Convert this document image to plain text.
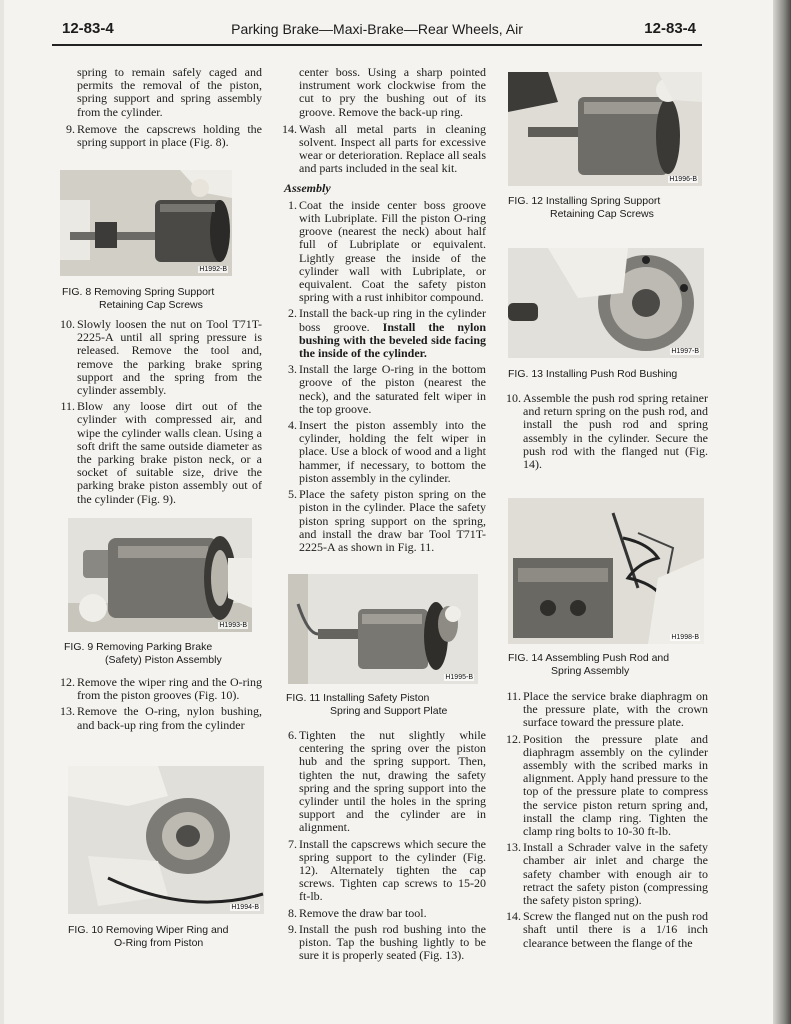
12-83-4	Parking Brake—Maxi-Brake—Rear Wheels, Air	12-83-4
spring to remain safely caged and permits the removal of the piston, spring support and spring assembly from the cylinder.
9. Remove the capscrews holding the spring support in place (Fig. 8).
H1992-B
FIG. 8 Removing Spring Support
Retaining Cap Screws
10. Slowly loosen the nut on Tool T71T-2225-A until all spring pressure is released. Remove the tool and, remove the parking brake spring support and the spring from the cylinder assembly.
11. Blow any loose dirt out of the cylinder with compressed air, and wipe the cylinder walls clean. Using a soft drift the same outside diameter as the parking brake piston neck, or a socket of suitable size, drive the parking brake piston assembly out of the cylinder (Fig. 9).
H1993-B
FIG. 9 Removing Parking Brake
(Safety) Piston Assembly
12. Remove the wiper ring and the O-ring from the piston grooves (Fig. 10).
13. Remove the O-ring, nylon bushing, and back-up ring from the cylinder
H1994-B
FIG. 10 Removing Wiper Ring and
O-Ring from Piston
center boss. Using a sharp pointed instrument work clockwise from the cut to pry the bushing out of its groove. Remove the back-up ring.
14. Wash all metal parts in cleaning solvent. Inspect all parts for excessive wear or deterioration. Replace all seals and parts included in the seal kit.
Assembly
1. Coat the inside center boss groove with Lubriplate. Fill the piston O-ring groove (nearest the neck) about half full of Lubriplate or equivalent. Lightly grease the inside of the cylinder wall with Lubriplate, or equivalent. Coat the safety piston spring with a rust inhibitor compound.
2. Install the back-up ring in the cylinder boss groove. Install the nylon bushing with the beveled side facing the inside of the cylinder.
3. Install the large O-ring in the bottom groove of the piston (nearest the neck), and the saturated felt wiper in the top groove.
4. Insert the piston assembly into the cylinder, holding the felt wiper in place. Use a block of wood and a light hammer, if necessary, to bottom the piston assembly in the cylinder.
5. Place the safety piston spring on the piston in the cylinder. Place the safety piston spring support on the spring, and install the draw bar Tool T71T-2225-A as shown in Fig. 11.
H1995-B
FIG. 11 Installing Safety Piston
Spring and Support Plate
6. Tighten the nut slightly while centering the spring over the piston hub and the spring support. Then, tighten the nut, drawing the safety spring and the spring support into the cylinder until the holes in the spring support and the cylinder are in alignment.
7. Install the capscrews which secure the spring support to the cylinder (Fig. 12). Alternately tighten the cap screws. Tighten cap screws to 15-20 ft-lb.
8. Remove the draw bar tool.
9. Install the push rod bushing into the piston. Tap the bushing lightly to be sure it is properly seated (Fig. 13).
H1996-B
FIG. 12 Installing Spring Support
Retaining Cap Screws
H1997-B
FIG. 13 Installing Push Rod Bushing
10. Assemble the push rod spring retainer and return spring on the push rod, and install the push rod and spring assembly in the cylinder. Secure the push rod with the flanged nut (Fig. 14).
H1998-B
FIG. 14 Assembling Push Rod and
Spring Assembly
11. Place the service brake diaphragm on the pressure plate, with the crown surface toward the pressure plate.
12. Position the pressure plate and diaphragm assembly on the cylinder assembly with the scribed marks in alignment. Apply hand pressure to the top of the pressure plate to compress the service piston return spring and, install the clamp ring. Tighten the clamp ring bolts to 10-30 ft-lb.
13. Install a Schrader valve in the safety chamber air inlet and charge the safety chamber with enough air to retract the safety piston (compressing the safety piston spring).
14. Screw the flanged nut on the push rod shaft until there is a 1/16 inch clearance between the flange of the
